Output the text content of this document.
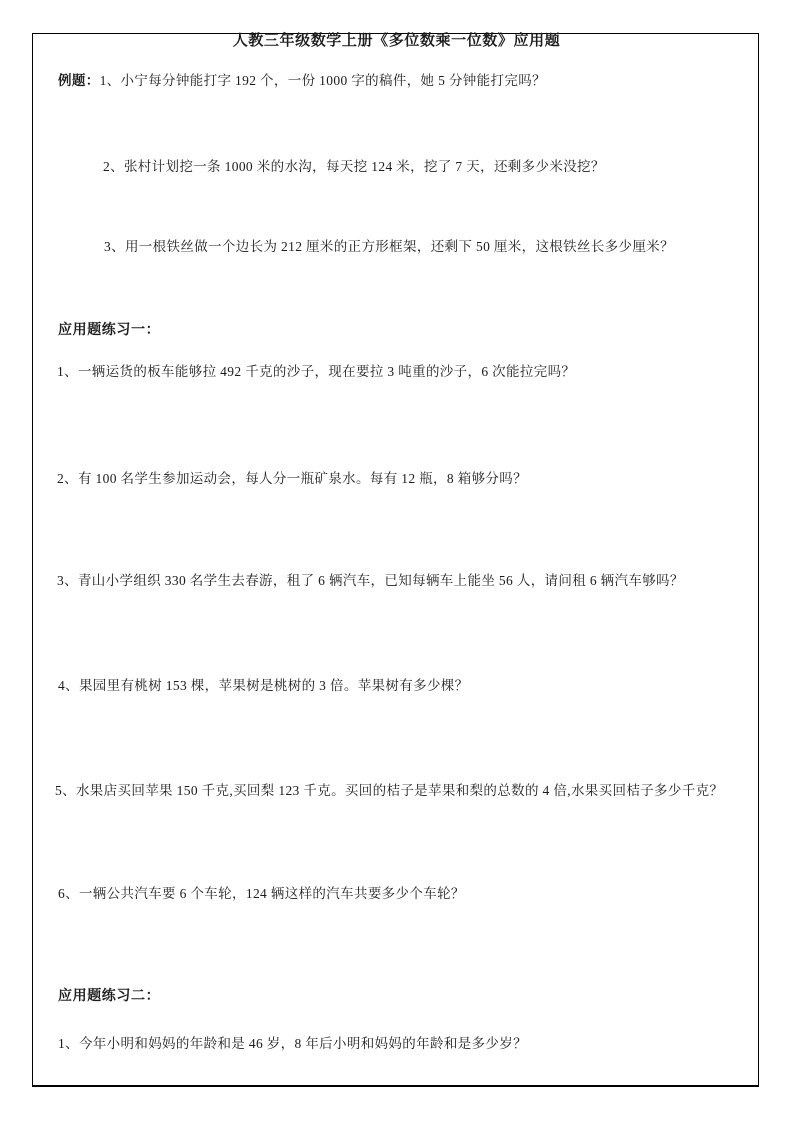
人教三年级数学上册《多位数乘一位数》应用题
例题：1、小宁每分钟能打字 192 个，一份 1000 字的稿件，她 5 分钟能打完吗？
2、张村计划挖一条 1000 米的水沟，每天挖 124 米，挖了 7 天，还剩多少米没挖？
3、用一根铁丝做一个边长为 212 厘米的正方形框架，还剩下 50 厘米，这根铁丝长多少厘米？
应用题练习一：
1、一辆运货的板车能够拉 492 千克的沙子，现在要拉 3 吨重的沙子，6 次能拉完吗？
2、有 100 名学生参加运动会，每人分一瓶矿泉水。每有 12 瓶，8 箱够分吗？
3、青山小学组织 330 名学生去春游，租了 6 辆汽车，已知每辆车上能坐 56 人，请问租 6 辆汽车够吗？
4、果园里有桃树 153 棵，苹果树是桃树的 3 倍。苹果树有多少棵？
5、水果店买回苹果 150 千克,买回梨 123 千克。买回的桔子是苹果和梨的总数的 4 倍,水果买回桔子多少千克？
6、一辆公共汽车要 6 个车轮，124 辆这样的汽车共要多少个车轮？
应用题练习二：
1、今年小明和妈妈的年龄和是 46 岁，8 年后小明和妈妈的年龄和是多少岁？
